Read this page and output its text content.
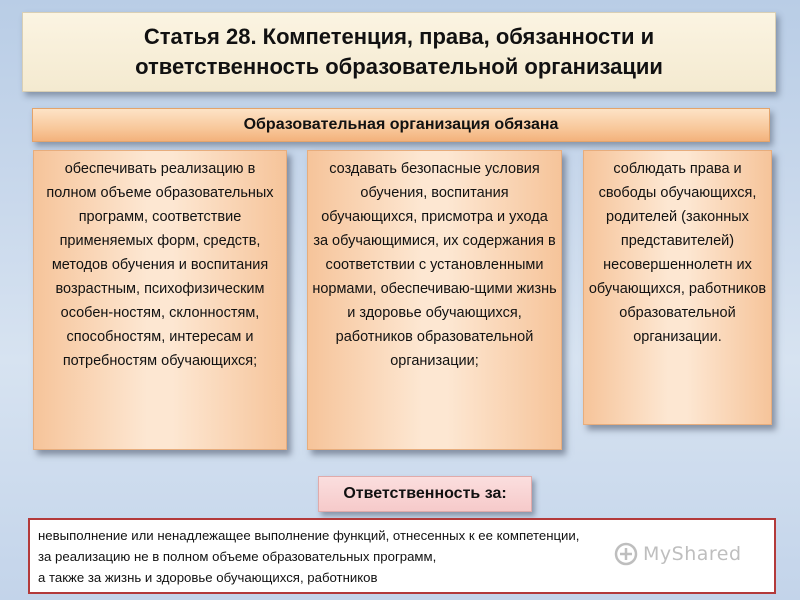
Статья 28. Компетенция, права, обязанности и ответственность образовательной организации
Образовательная организация обязана
обеспечивать реализацию в полном объеме образовательных программ, соответствие применяемых форм, средств, методов обучения и воспитания возрастным, психофизическим особен-ностям, склонностям, способностям, интересам и потребностям обучающихся;
создавать безопасные условия обучения, воспитания обучающихся, присмотра и ухода за обучающимися, их содержания в соответствии с установленными нормами, обеспечиваю-щими жизнь и здоровье обучающихся, работников образовательной организации;
соблюдать права и свободы обучающихся, родителей (законных представителей) несовершеннолетн их обучающихся, работников образовательной организации.
Ответственность за:
невыполнение или ненадлежащее выполнение функций, отнесенных к ее компетенции,
за реализацию не в полном объеме образовательных программ,
а также за жизнь и здоровье обучающихся, работников
MyShared
